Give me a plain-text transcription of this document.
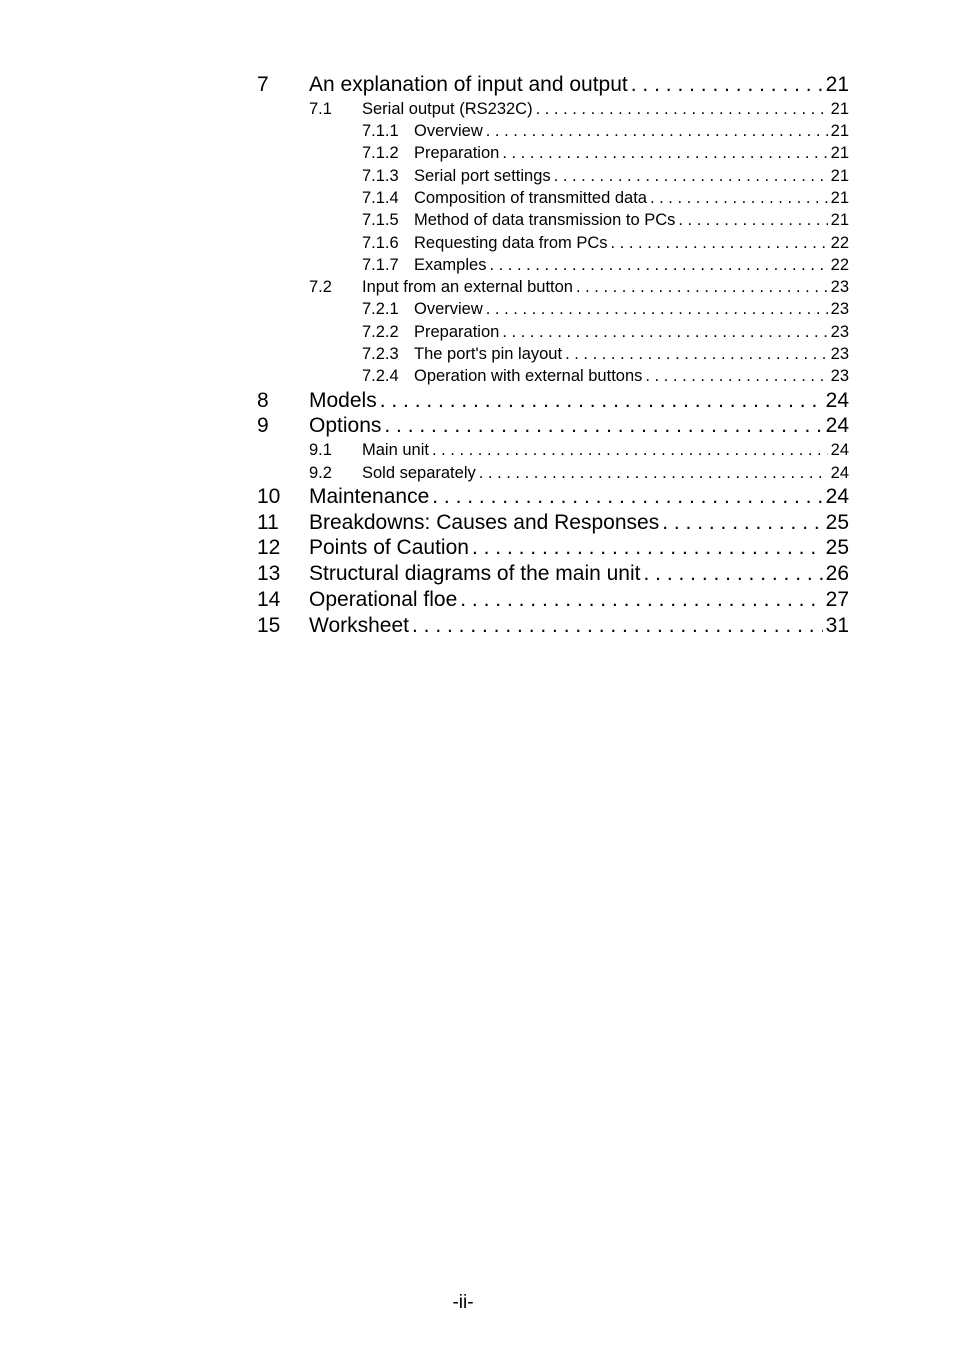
7	An explanation of input and output . . .	21
7.1	Serial output (RS232C) . . .	21
7.1.1 Overview . . .	21
7.1.2 Preparation . . .	21
7.1.3 Serial port settings . . .	21
7.1.4 Composition of transmitted data . . .	21
7.1.5 Method of data transmission to PCs . . .	21
7.1.6 Requesting data from PCs . . .	22
7.1.7 Examples . . .	22
7.2	Input from an external button . . .	23
7.2.1 Overview . . .	23
7.2.2 Preparation . . .	23
7.2.3 The port's pin layout . . .	23
7.2.4 Operation with external buttons . . .	23
8	Models . . .	24
9	Options . . .	24
9.1	Main unit . . .	24
9.2	Sold separately . . .	24
10	Maintenance . . .	24
11	Breakdowns: Causes and Responses . . .	25
12	Points of Caution . . .	25
13	Structural diagrams of the main unit . . .	26
14	Operational floe . . .	27
15	Worksheet . . .	31
-ii-
